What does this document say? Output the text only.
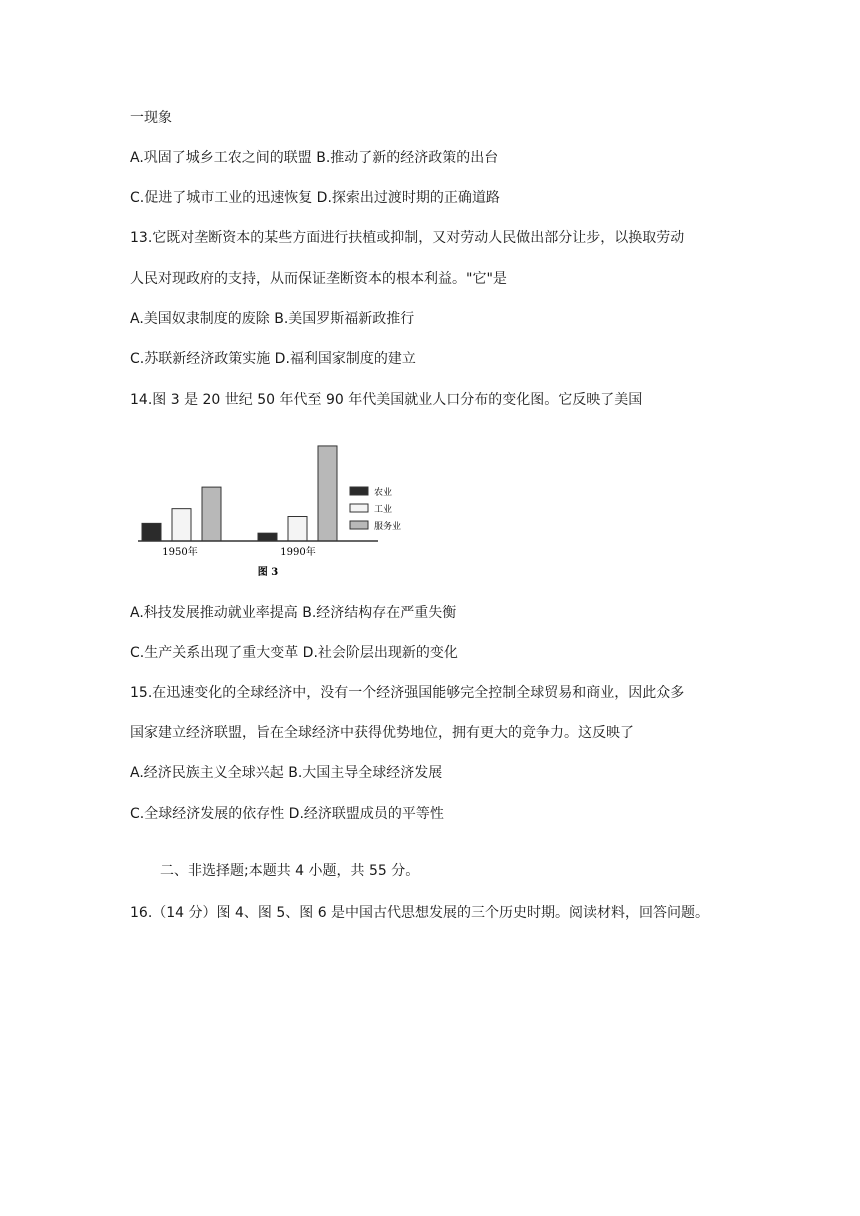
一现象
A.巩固了城乡工农之间的联盟 B.推动了新的经济政策的出台
C.促进了城市工业的迅速恢复 D.探索出过渡时期的正确道路
13.它既对垄断资本的某些方面进行扶植或抑制，又对劳动人民做出部分让步，以换取劳动
人民对现政府的支持，从而保证垄断资本的根本利益。"它"是
A.美国奴隶制度的废除 B.美国罗斯福新政推行
C.苏联新经济政策实施 D.福利国家制度的建立
14.图 3 是 20 世纪 50 年代至 90 年代美国就业人口分布的变化图。它反映了美国
1950年	1990年
图 3
农业
工业
服务业
A.科技发展推动就业率提高 B.经济结构存在严重失衡
C.生产关系出现了重大变革 D.社会阶层出现新的变化
15.在迅速变化的全球经济中，没有一个经济强国能够完全控制全球贸易和商业，因此众多
国家建立经济联盟，旨在全球经济中获得优势地位，拥有更大的竞争力。这反映了
A.经济民族主义全球兴起 B.大国主导全球经济发展
C.全球经济发展的依存性 D.经济联盟成员的平等性
二、非选择题;本题共 4 小题，共 55 分。
16.（14 分）图 4、图 5、图 6 是中国古代思想发展的三个历史时期。阅读材料，回答问题。
